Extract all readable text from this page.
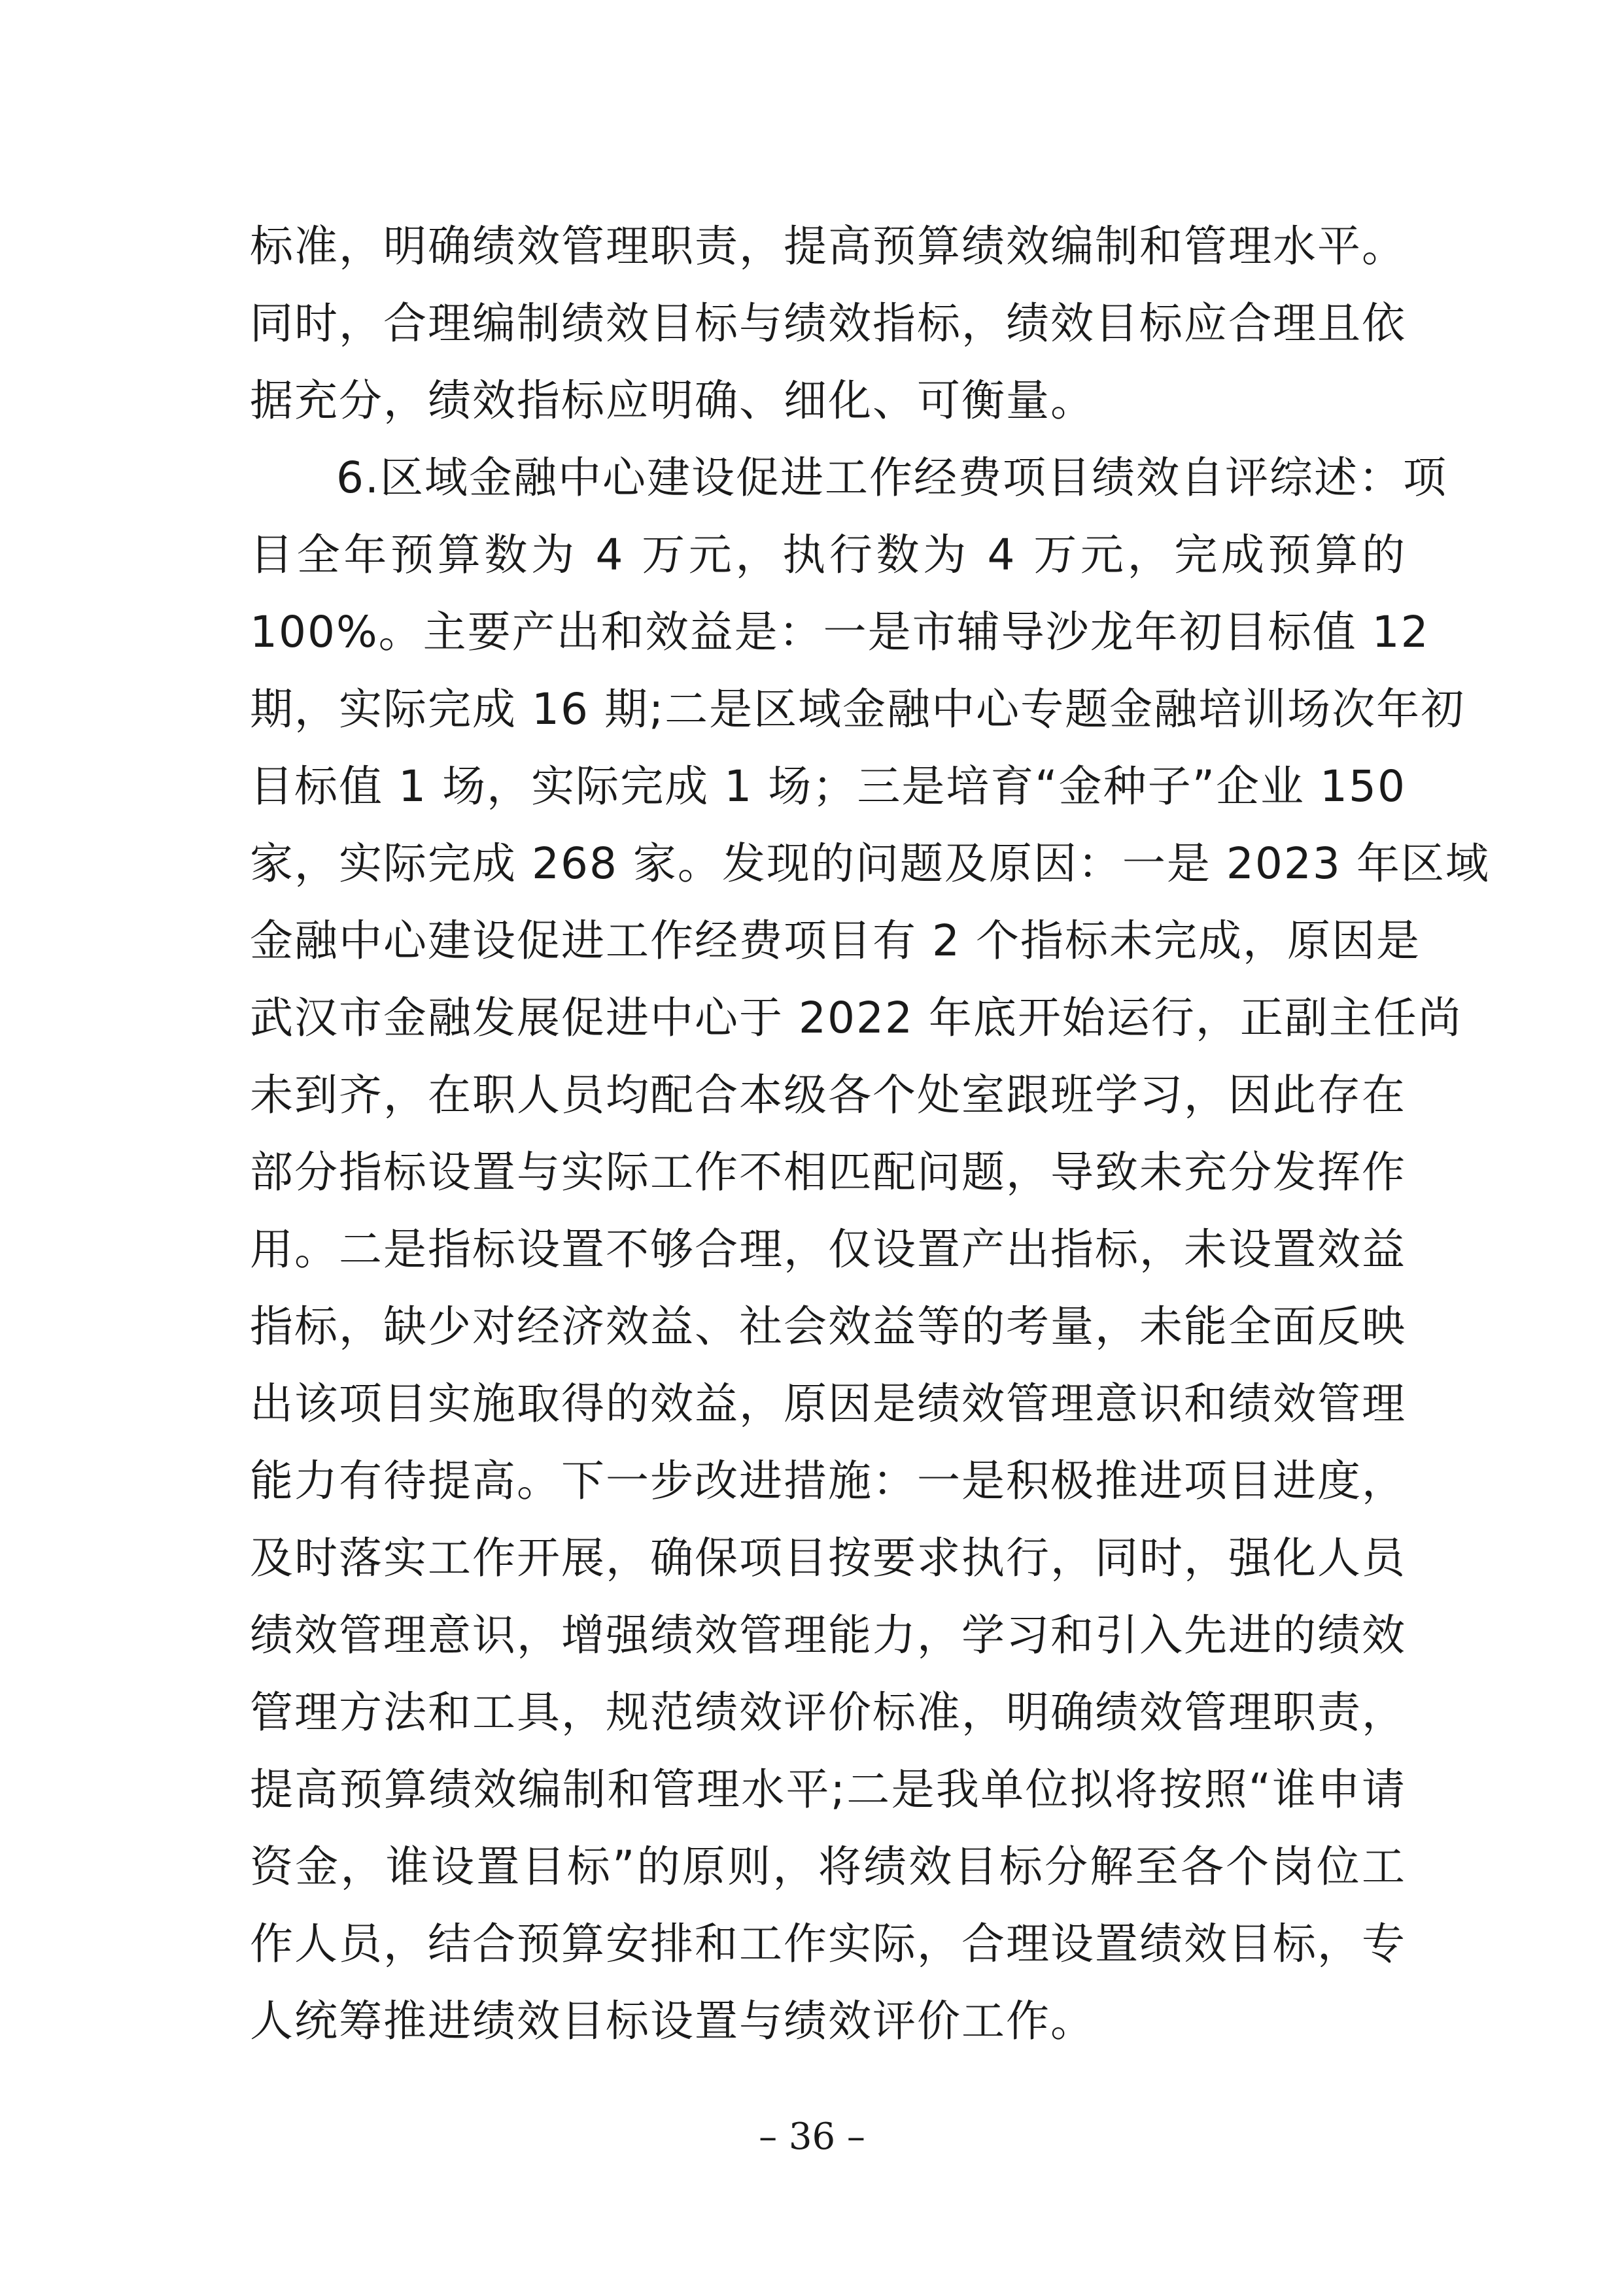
标准，明确绩效管理职责，提高预算绩效编制和管理水平。
同时，合理编制绩效目标与绩效指标，绩效目标应合理且依
据充分，绩效指标应明确、细化、可衡量。
6.区域金融中心建设促进工作经费项目绩效自评综述：项
目全年预算数为 4 万元，执行数为 4 万元，完成预算的
100%。主要产出和效益是：一是市辅导沙龙年初目标值 12
期，实际完成 16 期;二是区域金融中心专题金融培训场次年初
目标值 1 场，实际完成 1 场；三是培育“金种子”企业 150
家，实际完成 268 家。发现的问题及原因：一是 2023 年区域
金融中心建设促进工作经费项目有 2 个指标未完成，原因是
武汉市金融发展促进中心于 2022 年底开始运行，正副主任尚
未到齐，在职人员均配合本级各个处室跟班学习，因此存在
部分指标设置与实际工作不相匹配问题，导致未充分发挥作
用。二是指标设置不够合理，仅设置产出指标，未设置效益
指标，缺少对经济效益、社会效益等的考量，未能全面反映
出该项目实施取得的效益，原因是绩效管理意识和绩效管理
能力有待提高。下一步改进措施：一是积极推进项目进度，
及时落实工作开展，确保项目按要求执行，同时，强化人员
绩效管理意识，增强绩效管理能力，学习和引入先进的绩效
管理方法和工具，规范绩效评价标准，明确绩效管理职责，
提高预算绩效编制和管理水平;二是我单位拟将按照“谁申请
资金，谁设置目标”的原则，将绩效目标分解至各个岗位工
作人员，结合预算安排和工作实际，合理设置绩效目标，专
人统筹推进绩效目标设置与绩效评价工作。
– 36 –
